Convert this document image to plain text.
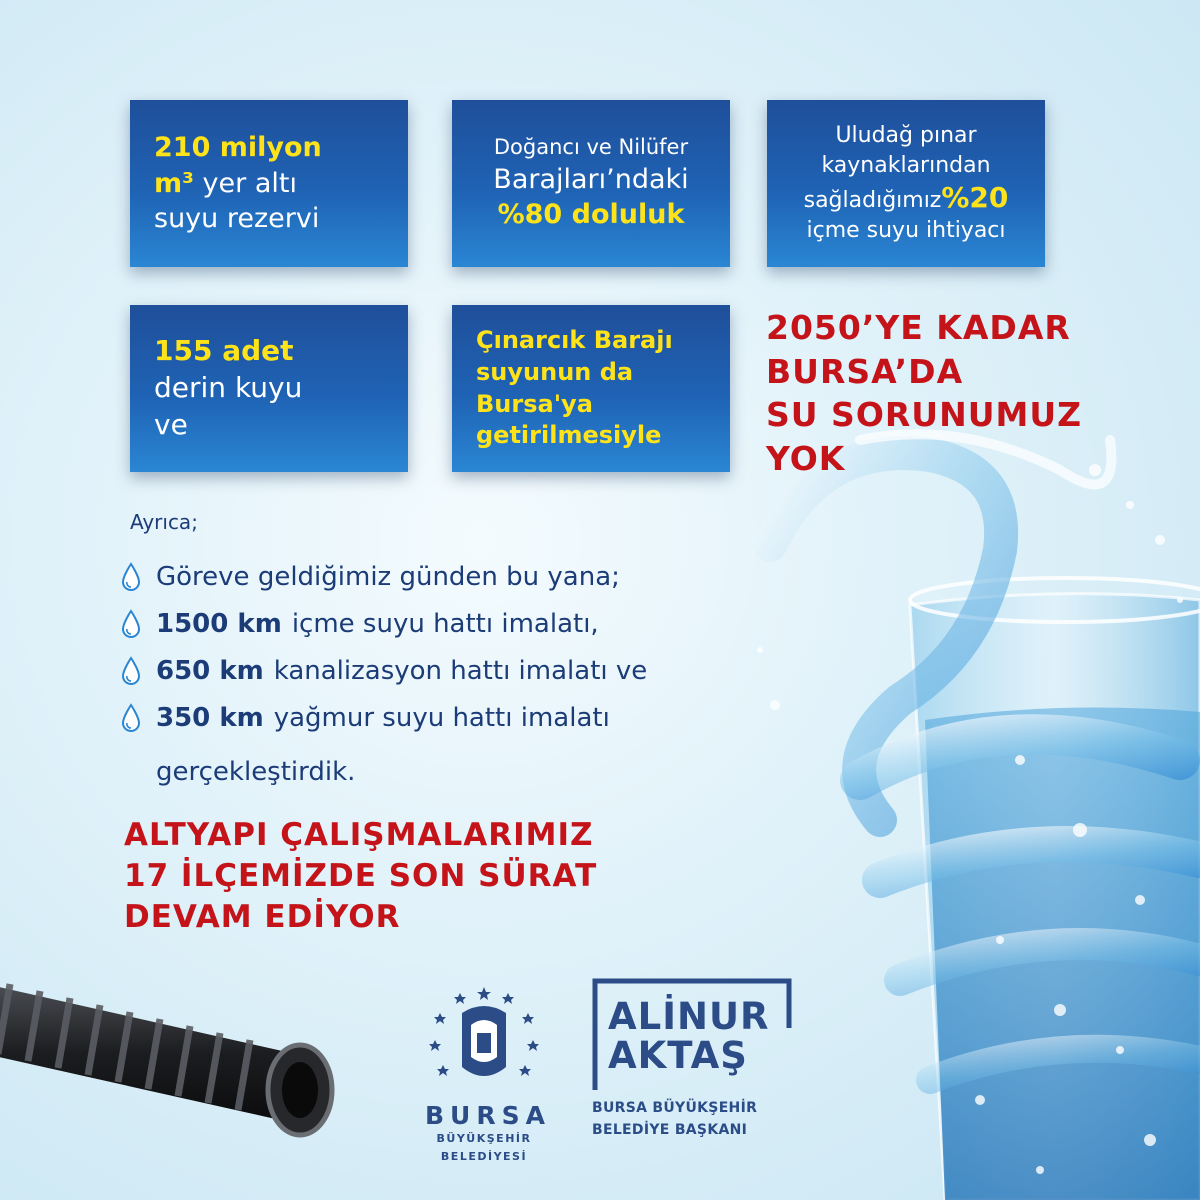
210 milyon
m³ yer altı
suyu rezervi
Doğancı ve Nilüfer
Barajları’ndaki
%80 doluluk
Uludağ pınar
kaynaklarından
sağladığımız%20
içme suyu ihtiyacı
155 adet
derin kuyu
ve
Çınarcık Barajı
suyunun da
Bursa'ya
getirilmesiyle
2050’YE KADAR
BURSA’DA
SU SORUNUMUZ
YOK
Ayrıca;
Göreve geldiğimiz günden bu yana;
1500 km içme suyu hattı imalatı,
650 km kanalizasyon hattı imalatı ve
350 km yağmur suyu hattı imalatı
gerçekleştirdik.
ALTYAPI ÇALIŞMALARIMIZ
17 İLÇEMİZDE SON SÜRAT
DEVAM EDİYOR
BURSA
BÜYÜKŞEHİR
BELEDİYESİ
ALİNUR
AKTAŞ
BURSA BÜYÜKŞEHİR
BELEDİYE BAŞKANI
